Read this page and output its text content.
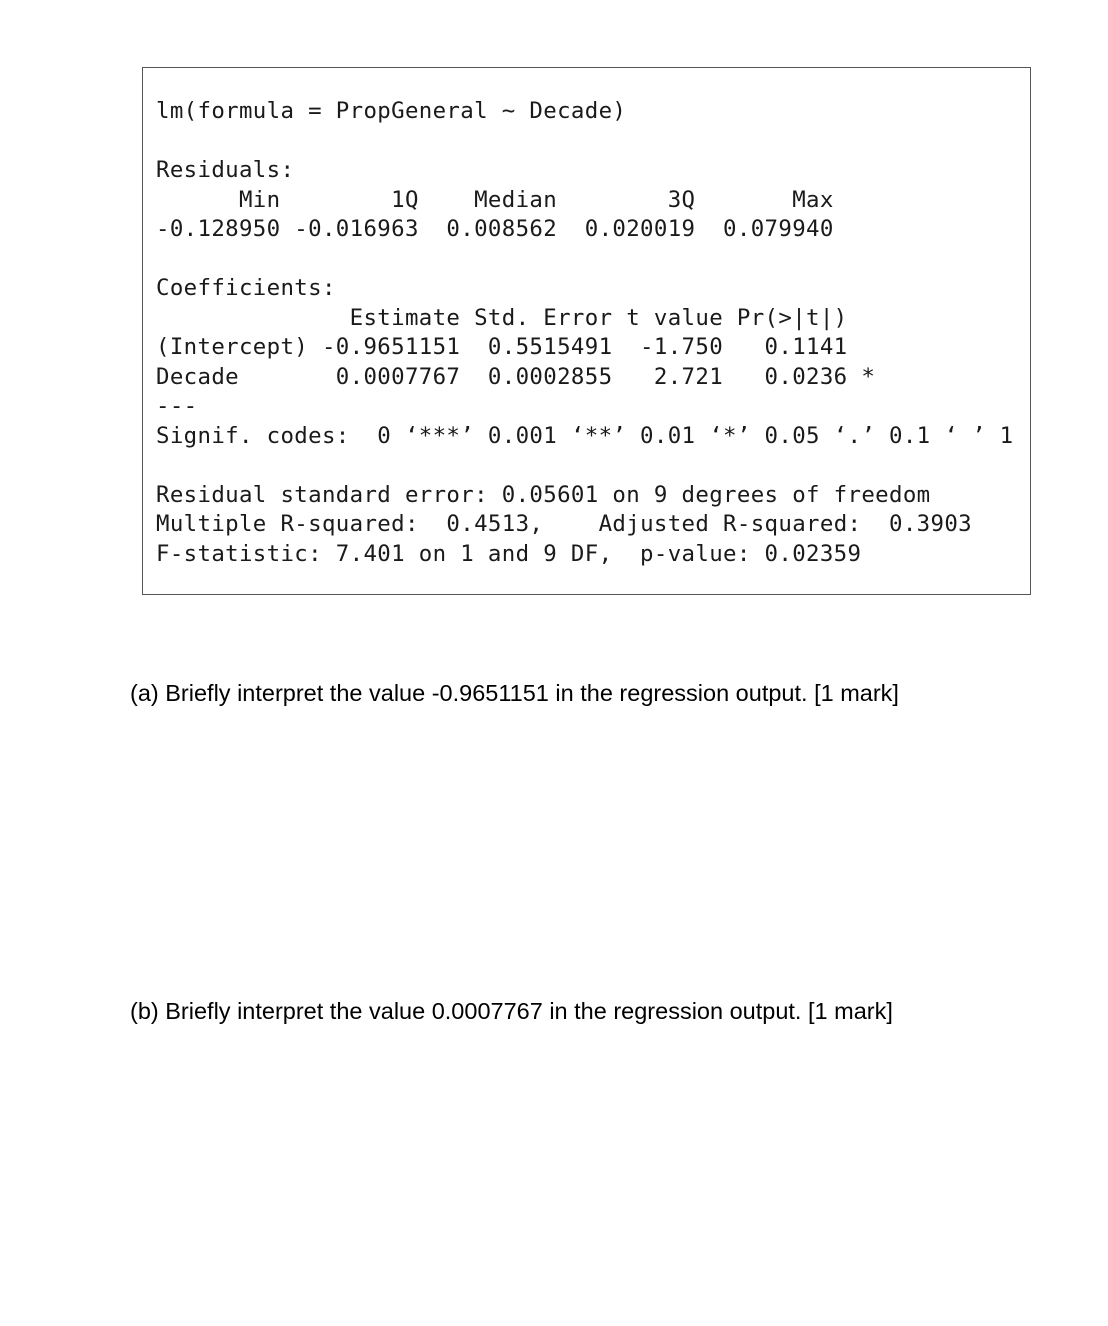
lm(formula = PropGeneral ~ Decade)

Residuals:
Min        1Q    Median        3Q       Max
-0.128950 -0.016963  0.008562  0.020019  0.079940

Coefficients:
Estimate Std. Error t value Pr(>|t|)
(Intercept) -0.9651151  0.5515491  -1.750   0.1141
Decade       0.0007767  0.0002855   2.721   0.0236 *
---
Signif. codes:  0 ‘***’ 0.001 ‘**’ 0.01 ‘*’ 0.05 ‘.’ 0.1 ‘ ’ 1

Residual standard error: 0.05601 on 9 degrees of freedom
Multiple R-squared:  0.4513,	Adjusted R-squared:  0.3903
F-statistic: 7.401 on 1 and 9 DF,  p-value: 0.02359
(a) Briefly interpret the value -0.9651151 in the regression output. [1 mark]
(b) Briefly interpret the value 0.0007767 in the regression output. [1 mark]
